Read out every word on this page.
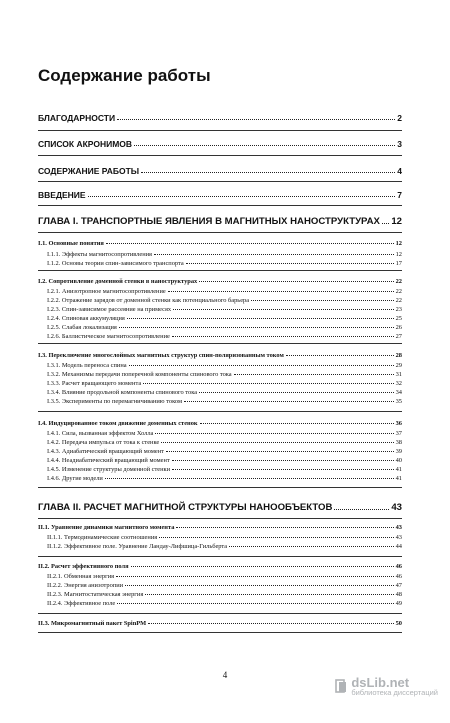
Содержание работы
БЛАГОДАРНОСТИ	2
СПИСОК АКРОНИМОВ	3
СОДЕРЖАНИЕ РАБОТЫ	4
ВВЕДЕНИЕ	7
ГЛАВА I. ТРАНСПОРТНЫЕ ЯВЛЕНИЯ В МАГНИТНЫХ НАНОСТРУКТУРАХ 12
I.1. Основные понятия	12
I.1.1. Эффекты магнитосопротивления	12
I.1.2. Основы теории спин-зависимого транспорта	17
I.2. Сопротивление доменной стенки в наноструктурах	22
I.2.1. Анизотропное магнитосопротивление	22
I.2.2. Отражение зарядов от доменной стенки как потенциального барьера	22
I.2.3. Спин-зависимое рассеяние на примесях	23
I.2.4. Спиновая аккумуляция	25
I.2.5. Слабая локализация	26
I.2.6. Баллистическое магнитосопротивление	27
I.3. Переключение многослойных магнитных структур спин-поляризованным током	28
I.3.1. Модель переноса спина	29
I.3.2. Механизмы передачи поперечной компоненты спинового тока	31
I.3.3. Расчет вращающего момента	32
I.3.4. Влияние продольной компоненты спинового тока	34
I.3.5. Эксперименты по перемагничиванию током	35
I.4. Индуцированное током движение доменных стенок	36
I.4.1. Сила, вызванная эффектом Холла	37
I.4.2. Передача импульса от тока к стенке	38
I.4.3. Адиабатический вращающий момент	39
I.4.4. Неадиабатический вращающий момент	40
I.4.5. Изменение структуры доменной стенки	41
I.4.6. Другие модели	41
ГЛАВА II. РАСЧЕТ МАГНИТНОЙ СТРУКТУРЫ НАНООБЪЕКТОВ	43
II.1. Уравнение динамики магнитного момента	43
II.1.1. Термодинамические соотношения	43
II.1.2. Эффективное поле. Уравнение Ландау-Лифшица-Гильберта	44
II.2. Расчет эффективного поля	46
II.2.1. Обменная энергия	46
II.2.2. Энергия анизотропии	47
II.2.3. Магнитостатическая энергия	48
II.2.4. Эффективное поле	49
II.3. Микромагнитный пакет SpinPM	50
4	dsLib.net
библиотека диссертаций
